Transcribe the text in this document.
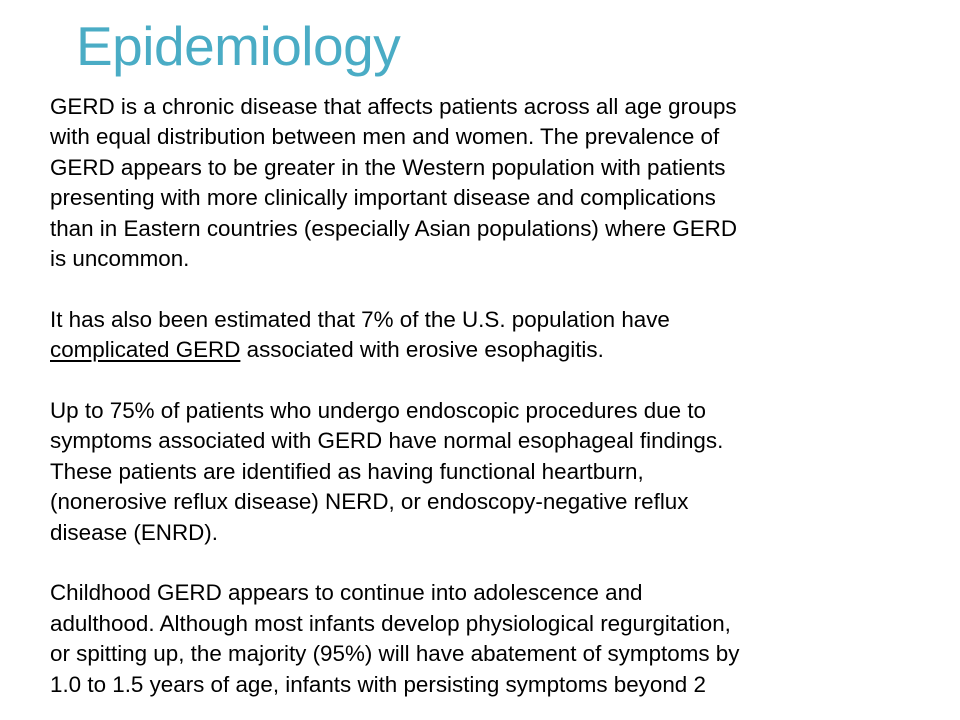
Epidemiology

GERD is a chronic disease that affects patients across all age groups
with equal distribution between men and women. The prevalence of
GERD appears to be greater in the Western population with patients
presenting with more clinically important disease and complications
than in Eastern countries (especially Asian populations) where GERD
is uncommon.

It has also been estimated that 7% of the U.S. population have
complicated GERD associated with erosive esophagitis.

Up to 75% of patients who undergo endoscopic procedures due to
symptoms associated with GERD have normal esophageal findings.
These patients are identified as having functional heartburn,
(nonerosive reflux disease) NERD, or endoscopy-negative reflux
disease (ENRD).

Childhood GERD appears to continue into adolescence and
adulthood. Although most infants develop physiological regurgitation,
or spitting up, the majority (95%) will have abatement of symptoms by
1.0 to 1.5 years of age, infants with persisting symptoms beyond 2
